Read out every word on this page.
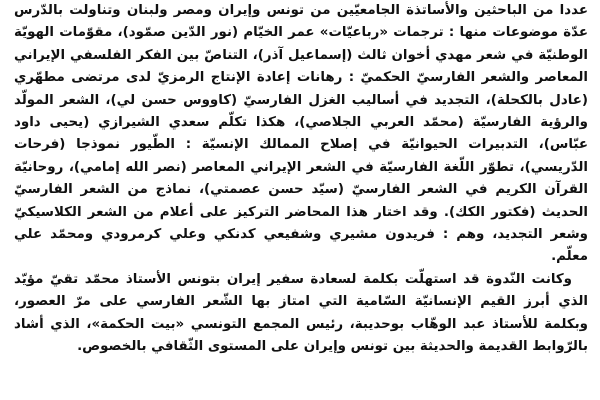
عددا من الباحثين والأساتذة الجامعيّين من تونس وإيران ومصر ولبنان وتناولت بالدّرس عدّة موضوعات منها : ترجمات «رباعيّات» عمر الخيّام (نور الدّين صمّود)، مقوّمات الهويّة الوطنيّة في شعر مهدي أخوان ثالث (إسماعيل آذر)، التناصّ بين الفكر الفلسفي الإيراني المعاصر والشعر الفارسيّ الحكميّ : رهانات إعادة الإنتاج الرمزيّ لدى مرتضى مطهّري (عادل بالكحلة)، التجديد في أساليب الغزل الفارسيّ (كاووس حسن لي)، الشعر المولّد والرؤية الفارسيّة (محمّد العربي الجلاصي)، هكذا تكلّم سعدي الشيرازي (يحيى داود عبّاس)، التدبيرات الحيوانيّة في إصلاح الممالك الإنسيّة : الطّيور نموذجا (فرحات الدّريسي)، تطوّر اللّغة الفارسيّة في الشعر الإيراني المعاصر (نصر الله إمامي)، روحانيّة القرآن الكريم في الشعر الفارسيّ (سيّد حسن عصمتي)، نماذج من الشعر الفارسيّ الحديث (فكتور الكك). وقد اختار هذا المحاضر التركيز على أعلام من الشعر الكلاسيكيّ وشعر التجديد، وهم : فريدون مشيري وشفيعي كدنكي وعلي كرمرودي ومحمّد علي معلّم.

وكانت النّدوة قد استهلّت بكلمة لسعادة سفير إيران بتونس الأستاذ محمّد تقيّ مؤيّد الذي أبرز القيم الإنسانيّة السّامية التي امتاز بها الشّعر الفارسي على مرّ العصور، وبكلمة للأستاذ عبد الوهّاب بوحديبة، رئيس المجمع التونسي «بيت الحكمة»، الذي أشاد بالرّوابط القديمة والحديثة بين تونس وإيران على المستوى الثّقافي بالخصوص.
